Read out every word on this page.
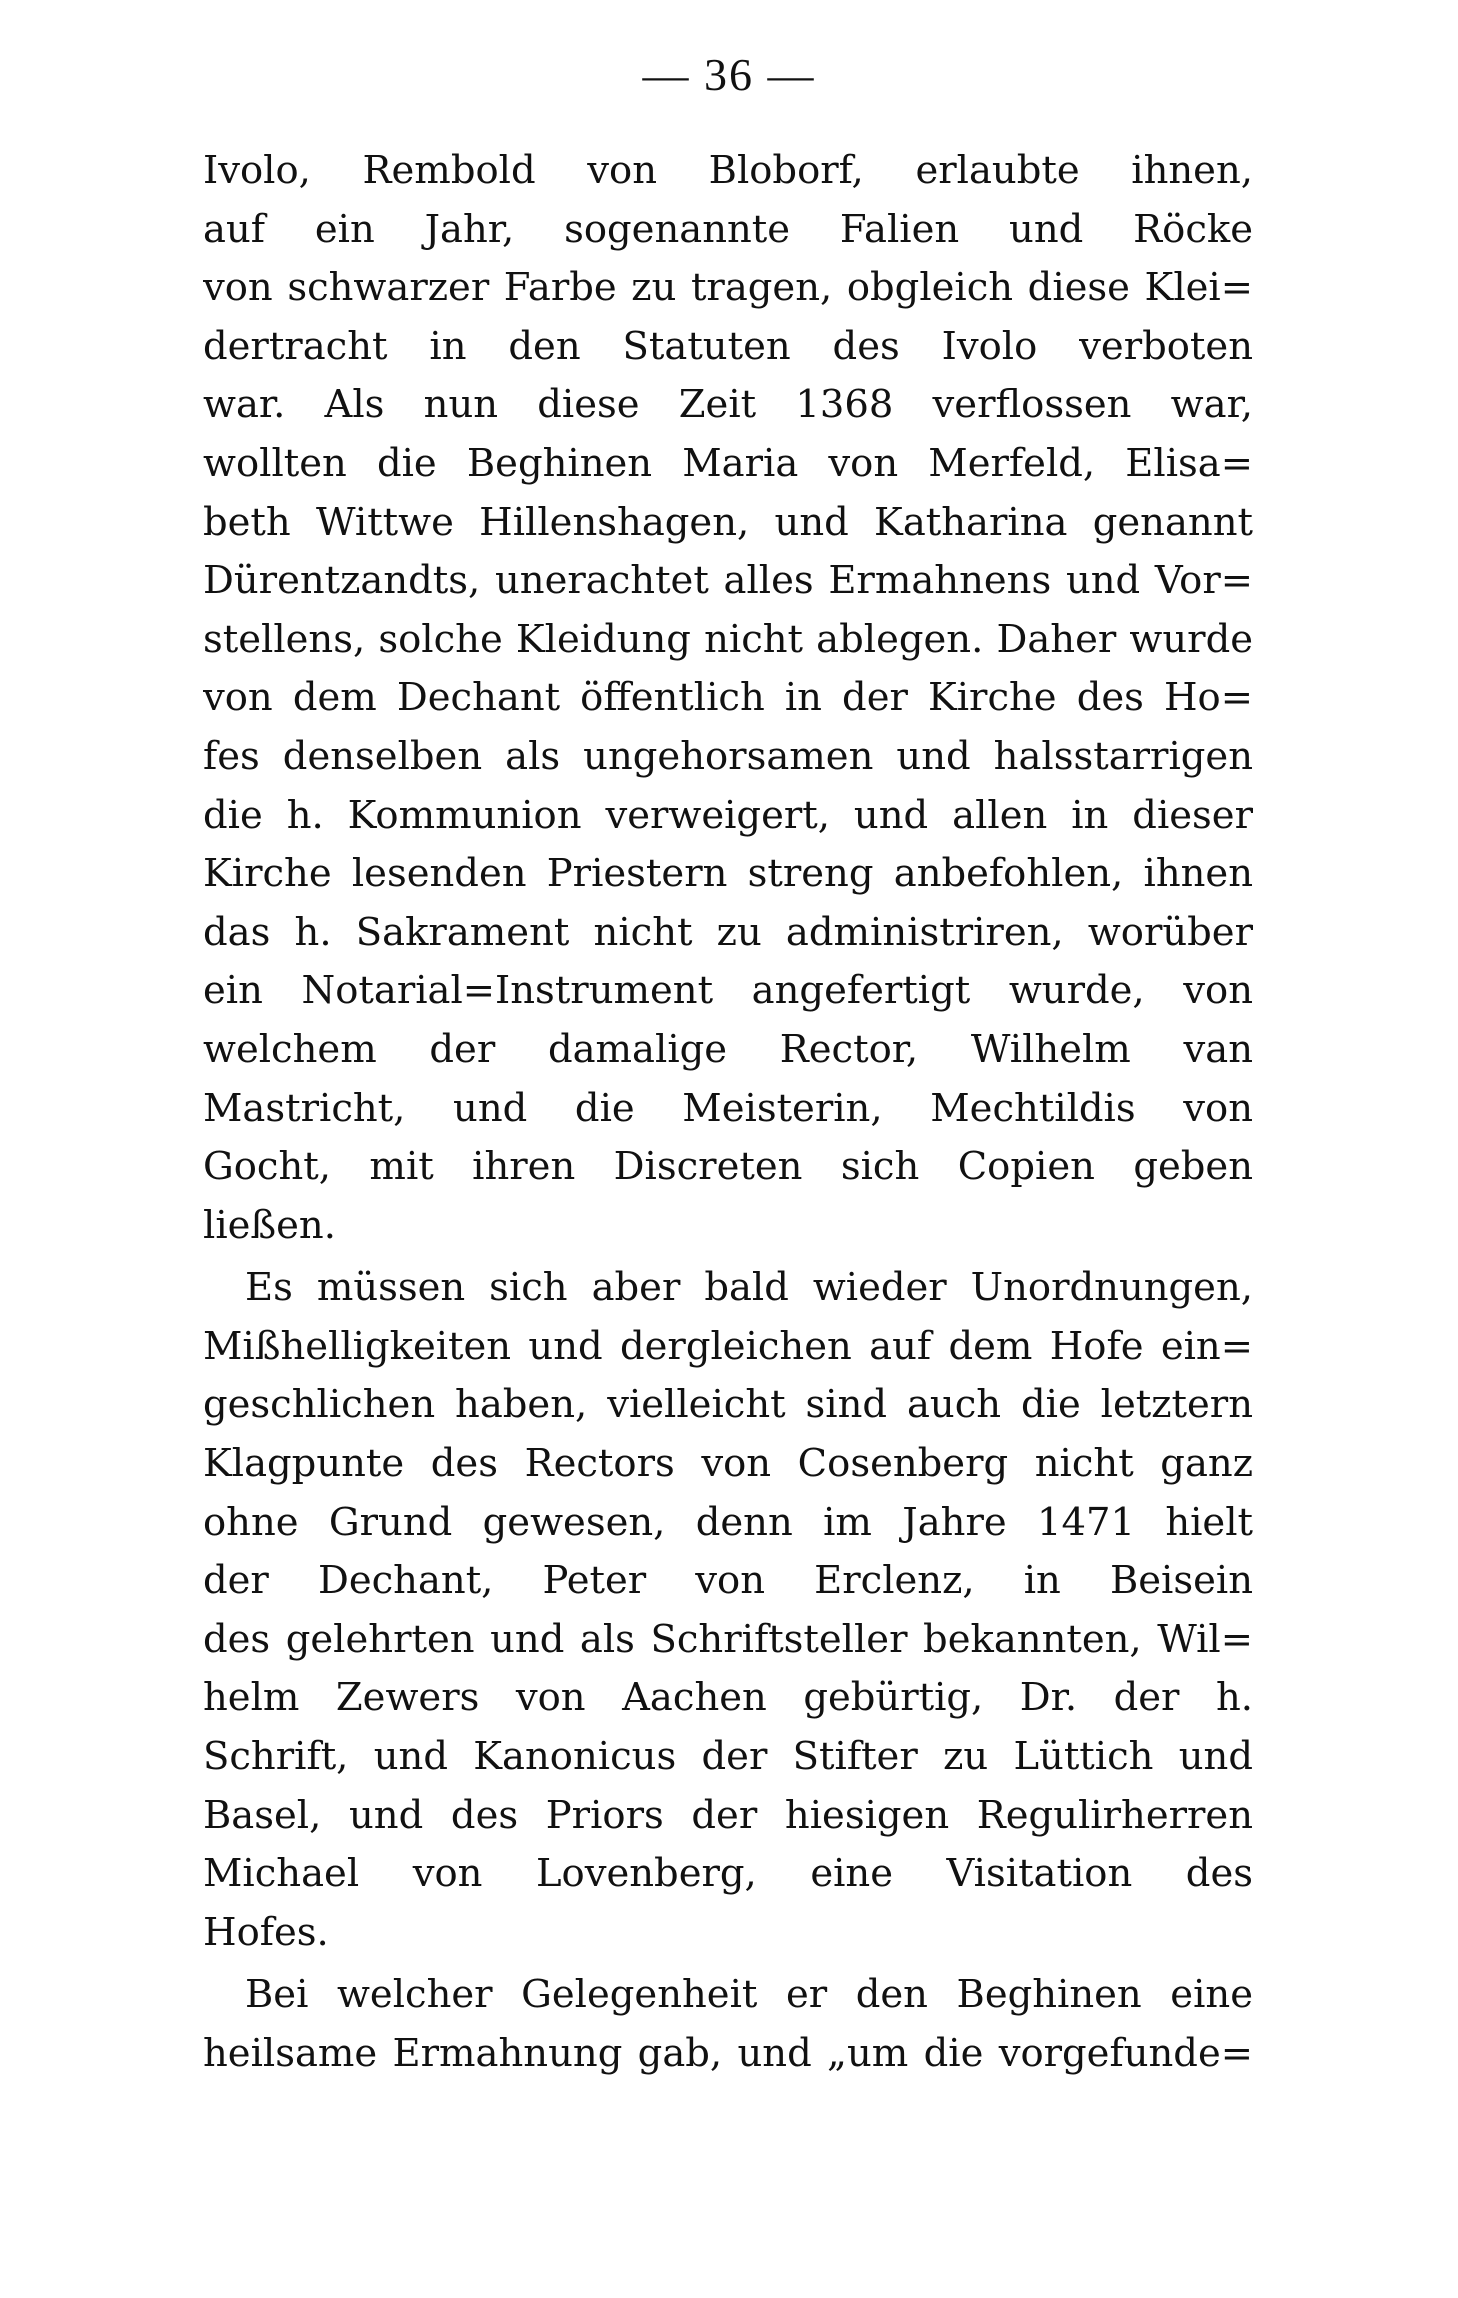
— 36 —
Ivolo, Rembold von Bloborf, erlaubte ihnen,
auf ein Jahr, sogenannte Falien und Röcke
von schwarzer Farbe zu tragen, obgleich diese Klei=
dertracht in den Statuten des Ivolo verboten
war. Als nun diese Zeit 1368 verflossen war,
wollten die Beghinen Maria von Merfeld, Elisa=
beth Wittwe Hillenshagen, und Katharina genannt
Dürentzandts, unerachtet alles Ermahnens und Vor=
stellens, solche Kleidung nicht ablegen. Daher wurde
von dem Dechant öffentlich in der Kirche des Ho=
fes denselben als ungehorsamen und halsstarrigen
die h. Kommunion verweigert, und allen in dieser
Kirche lesenden Priestern streng anbefohlen, ihnen
das h. Sakrament nicht zu administriren, worüber
ein Notarial=Instrument angefertigt wurde, von
welchem der damalige Rector, Wilhelm van
Mastricht, und die Meisterin, Mechtildis von
Gocht, mit ihren Discreten sich Copien geben
ließen.
Es müssen sich aber bald wieder Unordnungen,
Mißhelligkeiten und dergleichen auf dem Hofe ein=
geschlichen haben, vielleicht sind auch die letztern
Klagpunte des Rectors von Cosenberg nicht ganz
ohne Grund gewesen, denn im Jahre 1471 hielt
der Dechant, Peter von Erclenz, in Beisein
des gelehrten und als Schriftsteller bekannten, Wil=
helm Zewers von Aachen gebürtig, Dr. der h.
Schrift, und Kanonicus der Stifter zu Lüttich und
Basel, und des Priors der hiesigen Regulirherren
Michael von Lovenberg, eine Visitation des
Hofes.
Bei welcher Gelegenheit er den Beghinen eine
heilsame Ermahnung gab, und „um die vorgefunde=
